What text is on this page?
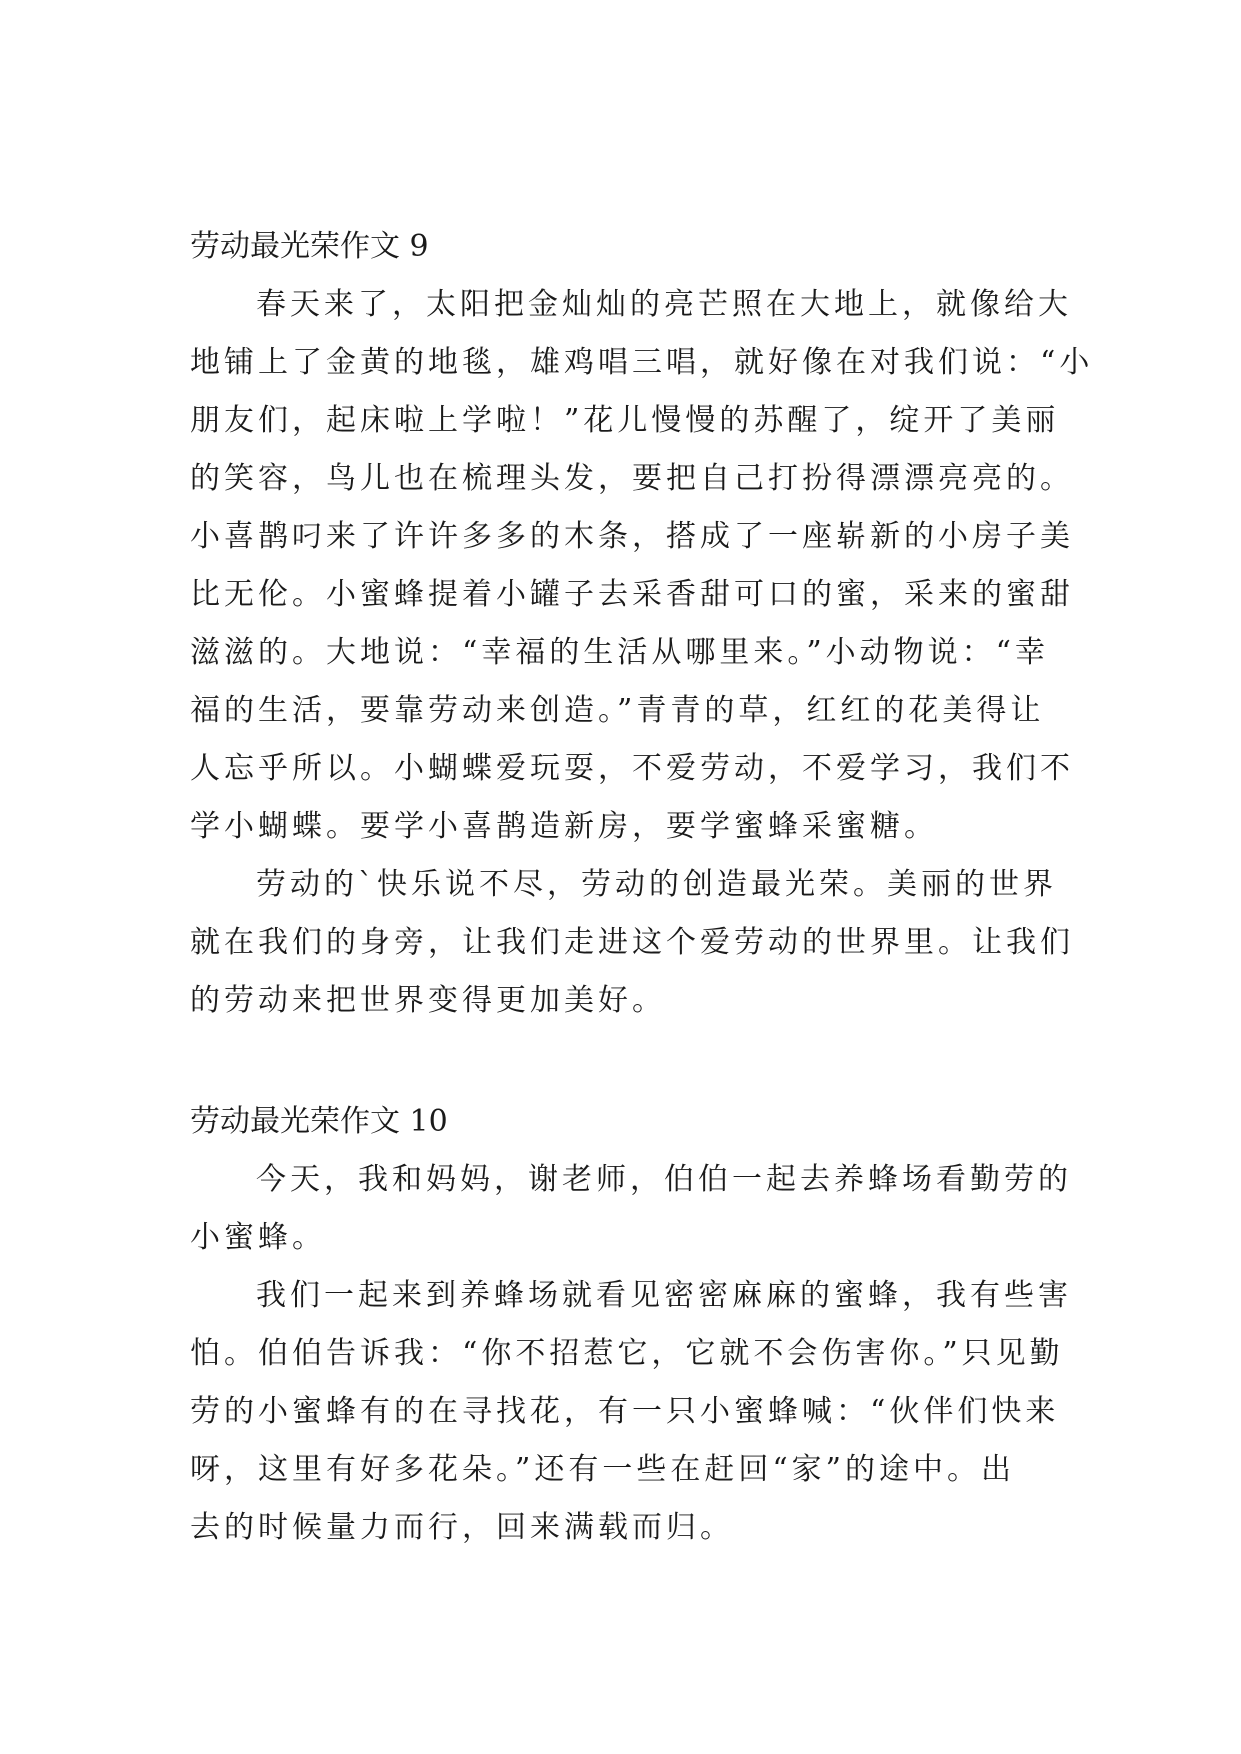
劳动最光荣作文 9
春天来了，太阳把金灿灿的亮芒照在大地上，就像给大
地铺上了金黄的地毯，雄鸡唱三唱，就好像在对我们说：“小
朋友们，起床啦上学啦！”花儿慢慢的苏醒了，绽开了美丽
的笑容，鸟儿也在梳理头发，要把自己打扮得漂漂亮亮的。
小喜鹊叼来了许许多多的木条，搭成了一座崭新的小房子美
比无伦。小蜜蜂提着小罐子去采香甜可口的蜜，采来的蜜甜
滋滋的。大地说：“幸福的生活从哪里来。”小动物说：“幸
福的生活，要靠劳动来创造。”青青的草，红红的花美得让
人忘乎所以。小蝴蝶爱玩耍，不爱劳动，不爱学习，我们不
学小蝴蝶。要学小喜鹊造新房，要学蜜蜂采蜜糖。
劳动的`快乐说不尽，劳动的创造最光荣。美丽的世界
就在我们的身旁，让我们走进这个爱劳动的世界里。让我们
的劳动来把世界变得更加美好。
劳动最光荣作文 10
今天，我和妈妈，谢老师，伯伯一起去养蜂场看勤劳的
小蜜蜂。
我们一起来到养蜂场就看见密密麻麻的蜜蜂，我有些害
怕。伯伯告诉我：“你不招惹它，它就不会伤害你。”只见勤
劳的小蜜蜂有的在寻找花，有一只小蜜蜂喊：“伙伴们快来
呀，这里有好多花朵。”还有一些在赶回“家”的途中。出
去的时候量力而行，回来满载而归。
